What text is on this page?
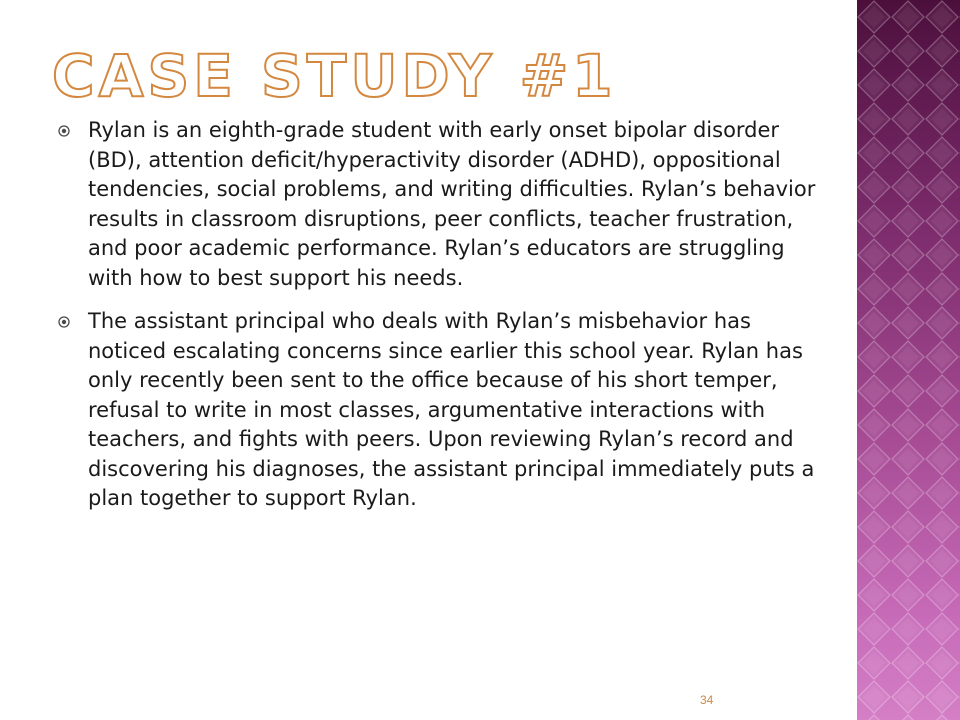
CASE STUDY #1
Rylan is an eighth-grade student with early onset bipolar disorder (BD), attention deficit/hyperactivity disorder (ADHD), oppositional tendencies, social problems, and writing difficulties. Rylan’s behavior results in classroom disruptions, peer conflicts, teacher frustration, and poor academic performance. Rylan’s educators are struggling with how to best support his needs.
The assistant principal who deals with Rylan’s misbehavior has noticed escalating concerns since earlier this school year. Rylan has only recently been sent to the office because of his short temper, refusal to write in most classes, argumentative interactions with teachers, and fights with peers. Upon reviewing Rylan’s record and discovering his diagnoses, the assistant principal immediately puts a plan together to support Rylan.
34
